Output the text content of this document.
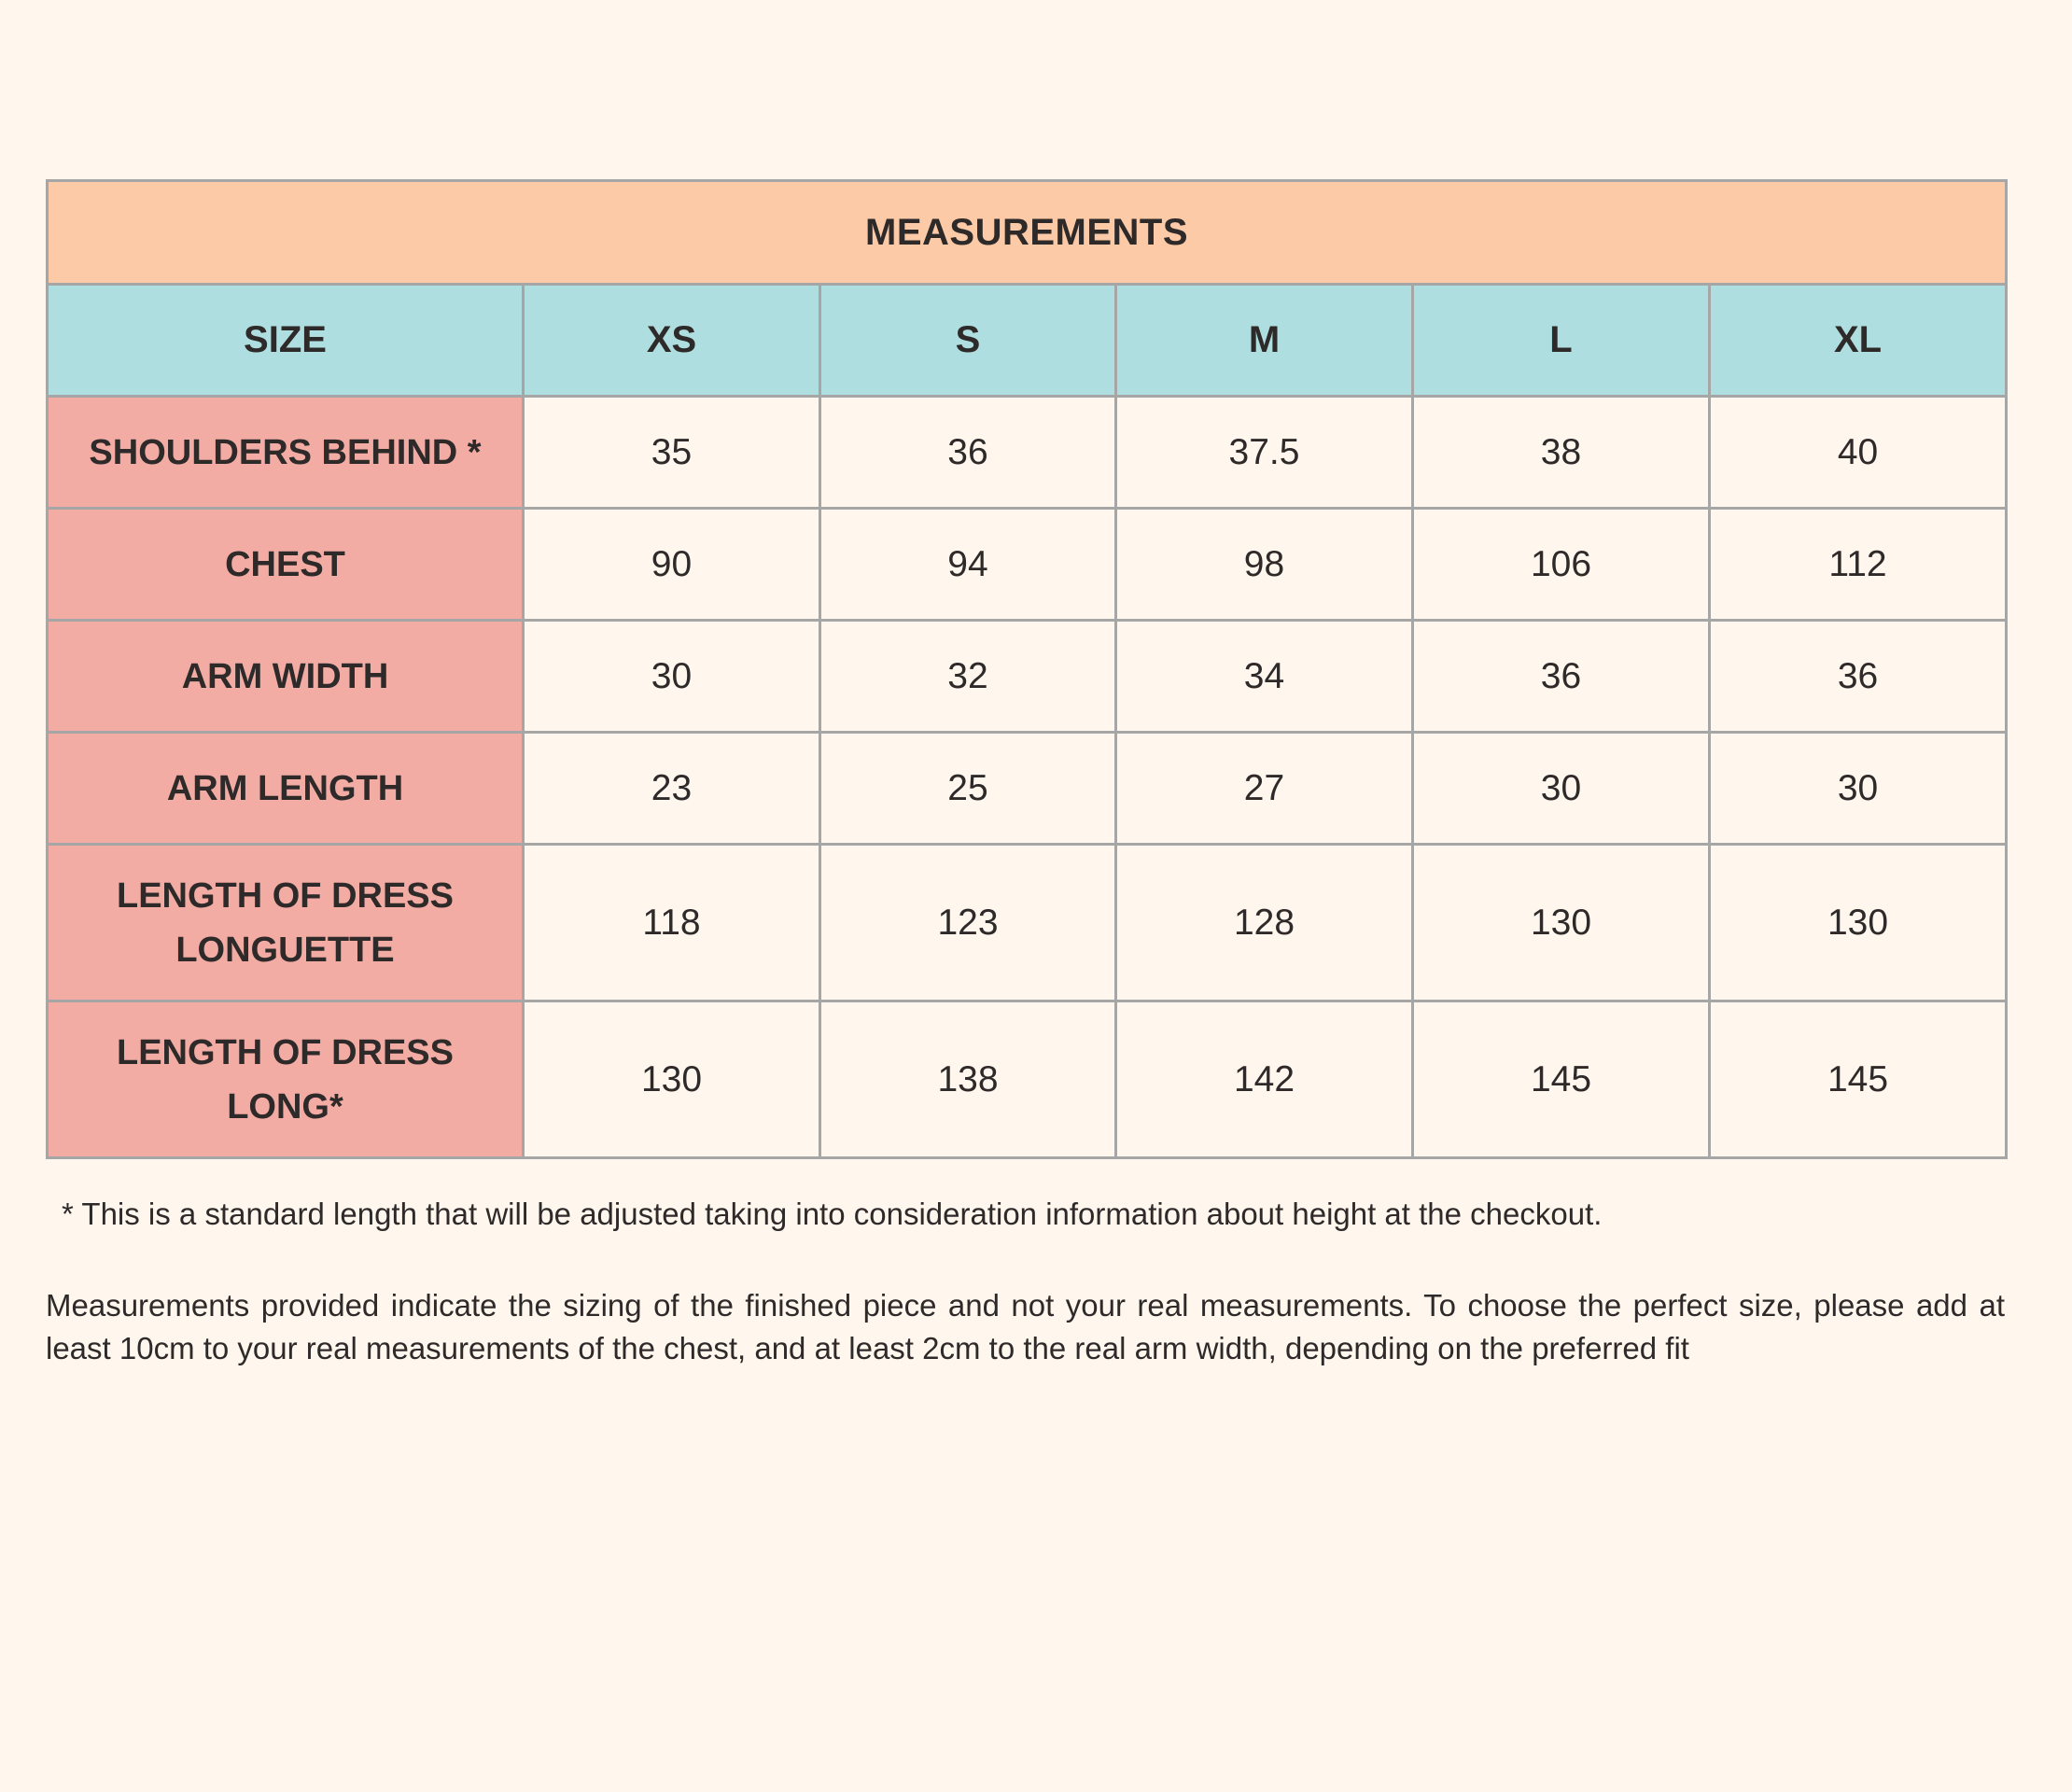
MEASUREMENTS					
SIZE	XS	S	M	L	XL
SHOULDERS BEHIND *	35	36	37.5	38	40
CHEST	90	94	98	106	112
ARM WIDTH	30	32	34	36	36
ARM LENGTH	23	25	27	30	30
LENGTH OF DRESS
LONGUETTE	118	123	128	130	130
LENGTH OF DRESS
LONG*	130	138	142	145	145
* This is a standard length that will be adjusted taking into consideration information about height at the checkout.
Measurements provided indicate the sizing of the finished piece and not your real measurements. To choose the perfect size, please add at least 10cm to your real measurements of the chest, and at least 2cm to the real arm width, depending on the preferred fit
